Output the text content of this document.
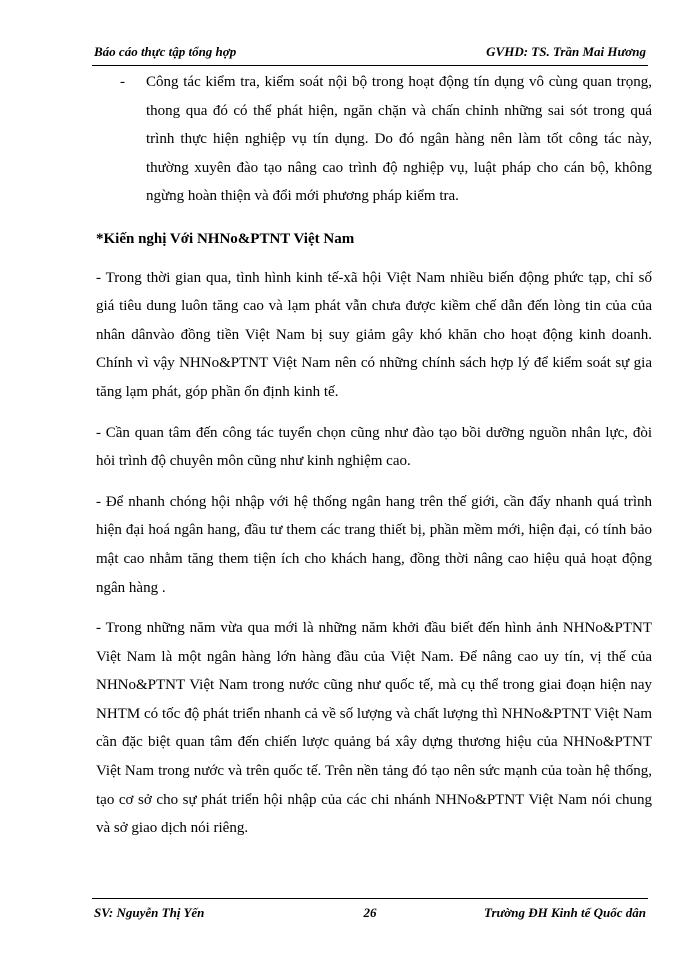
Báo cáo thực tập tổng hợp	GVHD: TS. Trần Mai Hương
- Công tác kiểm tra, kiểm soát nội bộ trong hoạt động tín dụng vô cùng quan trọng, thong qua đó có thể phát hiện, ngăn chặn và chấn chỉnh những sai sót trong quá trình thực hiện nghiệp vụ tín dụng. Do đó ngân hàng nên làm tốt công tác này, thường xuyên đào tạo nâng cao trình độ nghiệp vụ, luật pháp cho cán bộ, không ngừng hoàn thiện và đổi mới phương pháp kiểm tra.
*Kiến nghị Với NHNo&PTNT Việt Nam
- Trong thời gian qua, tình hình kinh tế-xã hội Việt Nam nhiều biến động phức tạp, chỉ số giá tiêu dung luôn tăng cao và lạm phát vẫn chưa được kiềm chế dẫn đến lòng tin của của nhân dânvào đồng tiền Việt Nam bị suy giảm gây khó khăn cho hoạt động kinh doanh. Chính vì vậy NHNo&PTNT Việt Nam nên có những chính sách hợp lý để kiểm soát sự gia tăng lạm phát, góp phần ổn định kinh tế.
- Cần quan tâm đến công tác tuyển chọn cũng như đào tạo bồi dưỡng nguồn nhân lực, đòi hỏi trình độ chuyên môn cũng như kinh nghiệm cao.
- Để nhanh chóng hội nhập với hệ thống ngân hang trên thế giới, cần đẩy nhanh quá trình hiện đại hoá ngân hang, đầu tư them các trang thiết bị, phần mềm mới, hiện đại, có tính bảo mật cao nhằm tăng them tiện ích cho khách hang, đồng thời nâng cao hiệu quả hoạt động ngân hàng .
- Trong những năm vừa qua mới là những năm khởi đầu biết đến hình ảnh NHNo&PTNT Việt Nam là một ngân hàng lớn hàng đầu của Việt Nam. Để nâng cao uy tín, vị thế của NHNo&PTNT Việt Nam trong nước cũng như quốc tế, mà cụ thể trong giai đoạn hiện nay NHTM có tốc độ phát triển nhanh cả về số lượng và chất lượng thì NHNo&PTNT Việt Nam cần đặc biệt quan tâm đến chiến lược quảng bá xây dựng thương hiệu của NHNo&PTNT Việt Nam trong nước và trên quốc tế. Trên nền tảng đó tạo nên sức mạnh của toàn hệ thống, tạo cơ sở cho sự phát triển hội nhập của các chi nhánh NHNo&PTNT Việt Nam nói chung và sở giao dịch nói riêng.
SV: Nguyễn Thị Yến	26	Trường ĐH Kinh tế Quốc dân
